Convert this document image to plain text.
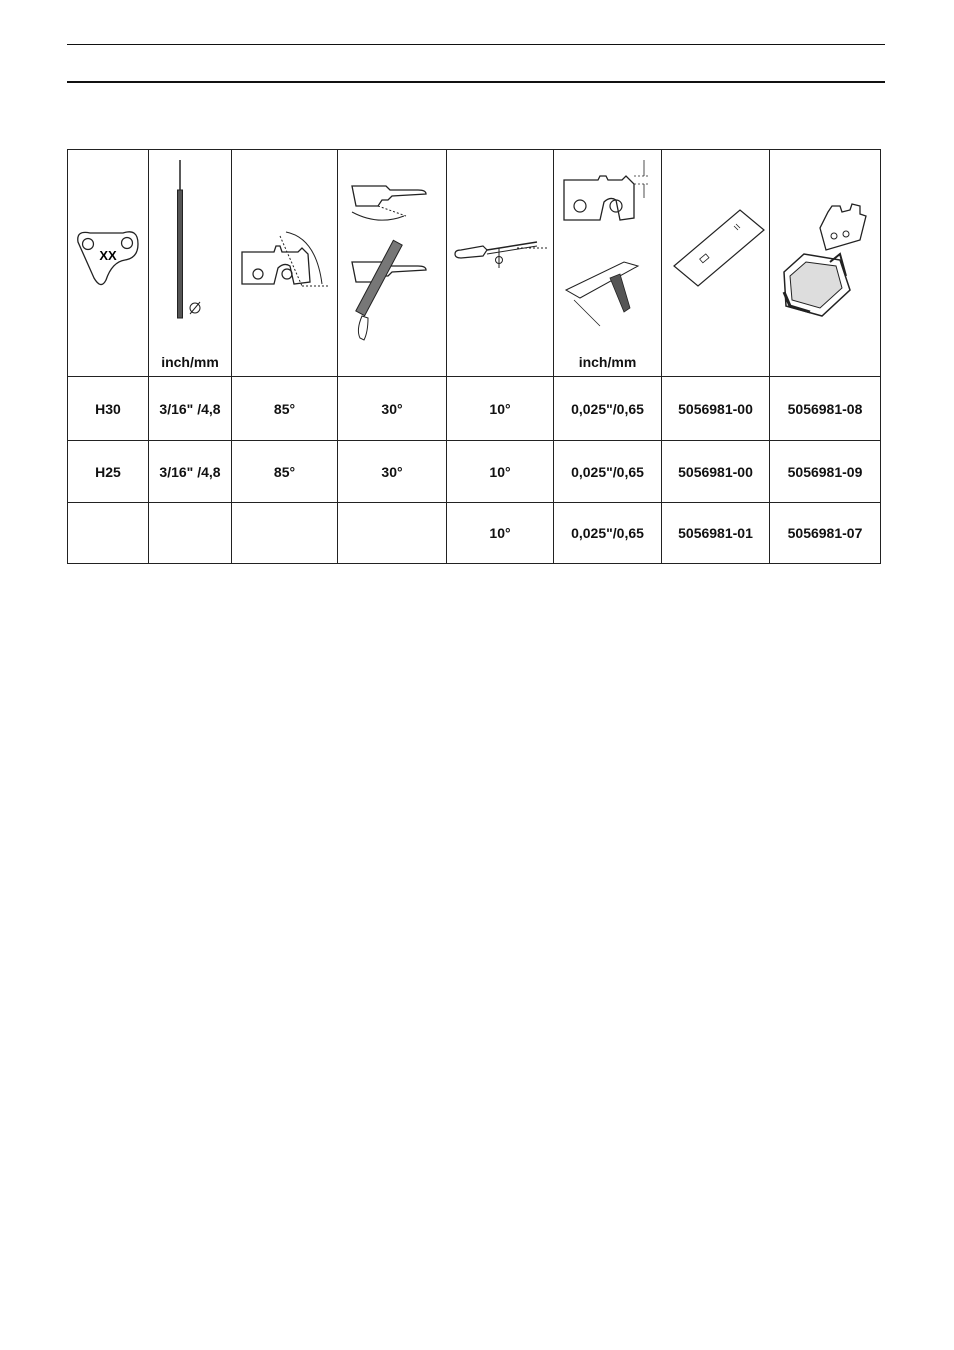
XX	inch/mm				inch/mm

H30	3/16" /4,8	85°	30°	10°	0,025"/0,65	5056981-00	5056981-08
H25	3/16" /4,8	85°	30°	10°	0,025"/0,65	5056981-00	5056981-09
				10°	0,025"/0,65	5056981-01	5056981-07
